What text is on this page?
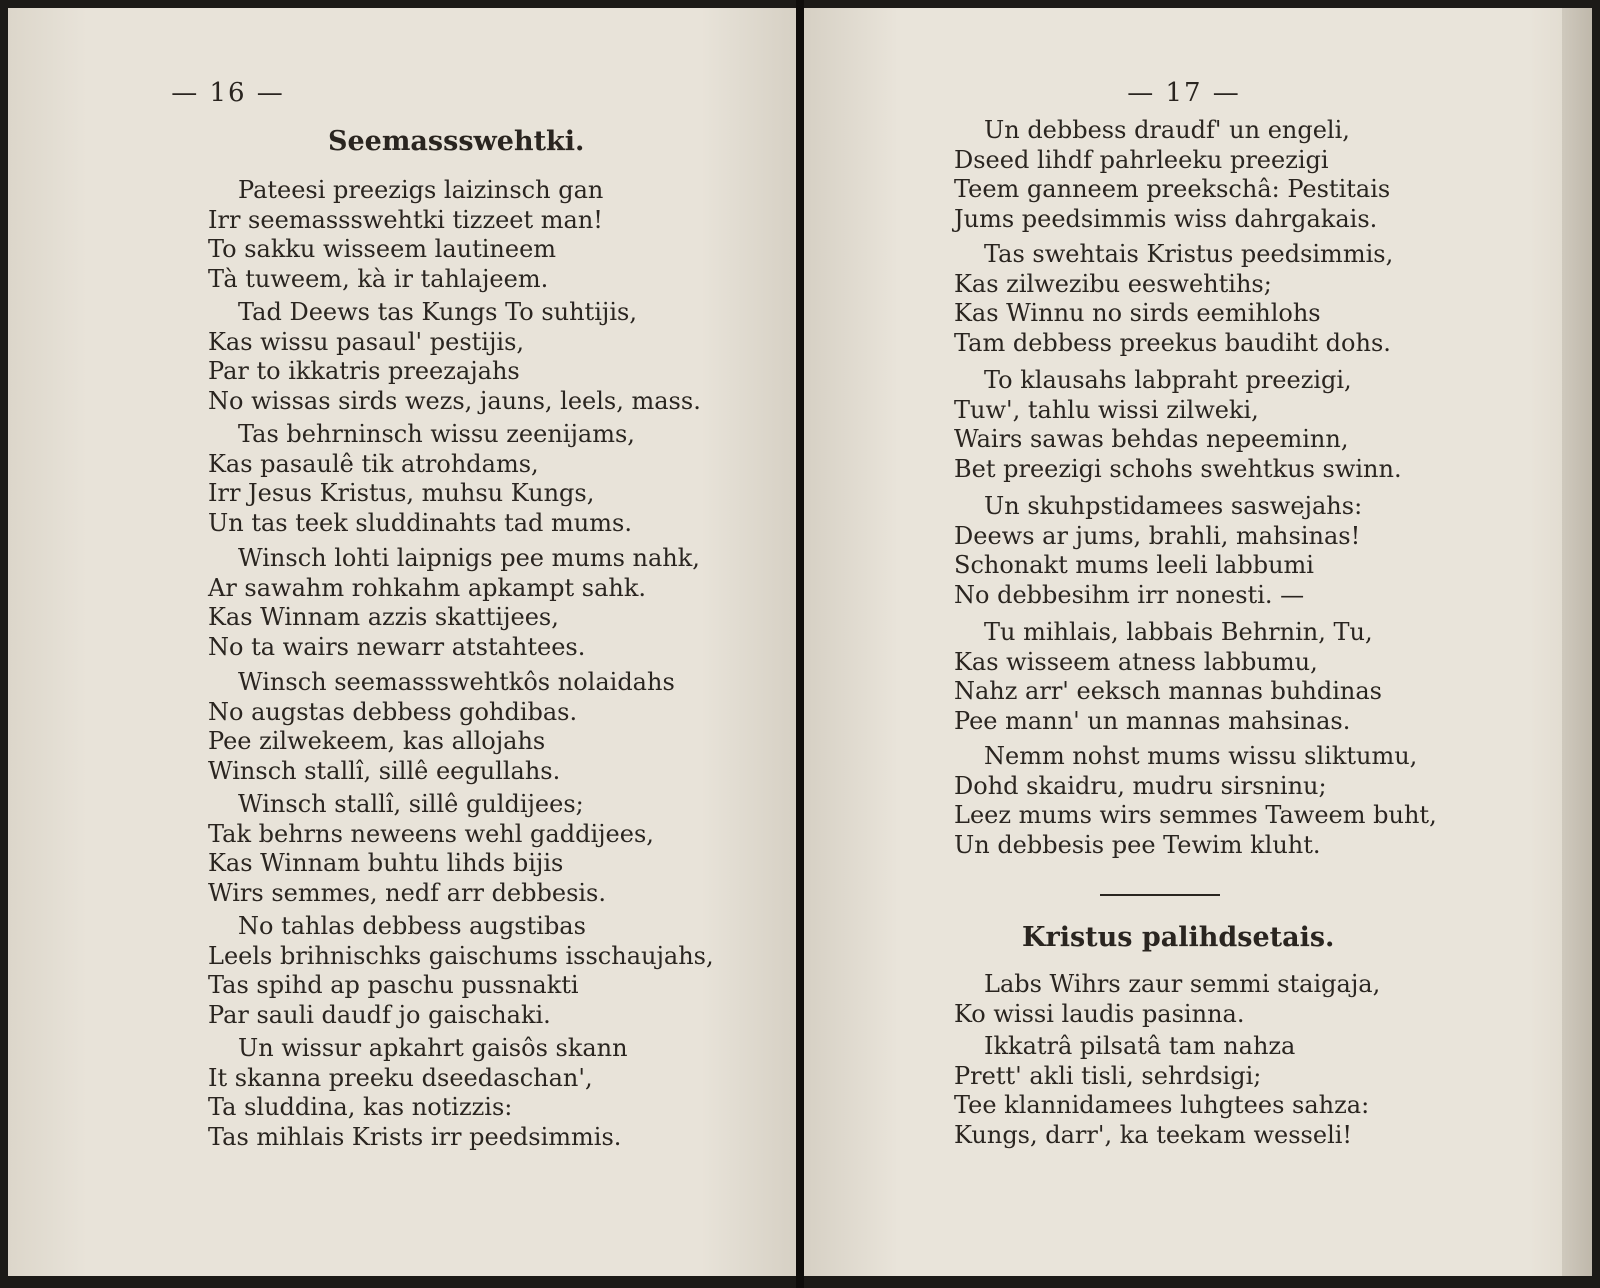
— 16 —
Seemassswehtki.
Pateesi preezigs laizinsch gan
Irr seemassswehtki tizzeet man!
To sakku wisseem lautineem
Tà tuweem, kà ir tahlajeem.
Tad Deews tas Kungs To suhtijis,
Kas wissu pasaul' pestijis,
Par to ikkatris preezajahs
No wissas sirds wezs, jauns, leels, mass.
Tas behrninsch wissu zeenijams,
Kas pasaulê tik atrohdams,
Irr Jesus Kristus, muhsu Kungs,
Un tas teek sluddinahts tad mums.
Winsch lohti laipnigs pee mums nahk,
Ar sawahm rohkahm apkampt sahk.
Kas Winnam azzis skattijees,
No ta wairs newarr atstahtees.
Winsch seemassswehtkôs nolaidahs
No augstas debbess gohdibas.
Pee zilwekeem, kas allojahs
Winsch stallî, sillê eegullahs.
Winsch stallî, sillê guldijees;
Tak behrns neweens wehl gaddijees,
Kas Winnam buhtu lihds bijis
Wirs semmes, nedf arr debbesis.
No tahlas debbess augstibas
Leels brihnischks gaischums isschaujahs,
Tas spihd ap paschu pussnakti
Par sauli daudf jo gaischaki.
Un wissur apkahrt gaisôs skann
It skanna preeku dseedaschan',
Ta sluddina, kas notizzis:
Tas mihlais Krists irr peedsimmis.
— 17 —
Un debbess draudf' un engeli,
Dseed lihdf pahrleeku preezigi
Teem ganneem preekschâ: Pestitais
Jums peedsimmis wiss dahrgakais.
Tas swehtais Kristus peedsimmis,
Kas zilwezibu eeswehtihs;
Kas Winnu no sirds eemihlohs
Tam debbess preekus baudiht dohs.
To klausahs labpraht preezigi,
Tuw', tahlu wissi zilweki,
Wairs sawas behdas nepeeminn,
Bet preezigi schohs swehtkus swinn.
Un skuhpstidamees saswejahs:
Deews ar jums, brahli, mahsinas!
Schonakt mums leeli labbumi
No debbesihm irr nonesti. —
Tu mihlais, labbais Behrnin, Tu,
Kas wisseem atness labbumu,
Nahz arr' eeksch mannas buhdinas
Pee mann' un mannas mahsinas.
Nemm nohst mums wissu sliktumu,
Dohd skaidru, mudru sirsninu;
Leez mums wirs semmes Taweem buht,
Un debbesis pee Tewim kluht.
Kristus palihdsetais.
Labs Wihrs zaur semmi staigaja,
Ko wissi laudis pasinna.
Ikkatrâ pilsatâ tam nahza
Prett' akli tisli, sehrdsigi;
Tee klannidamees luhgtees sahza:
Kungs, darr', ka teekam wesseli!
